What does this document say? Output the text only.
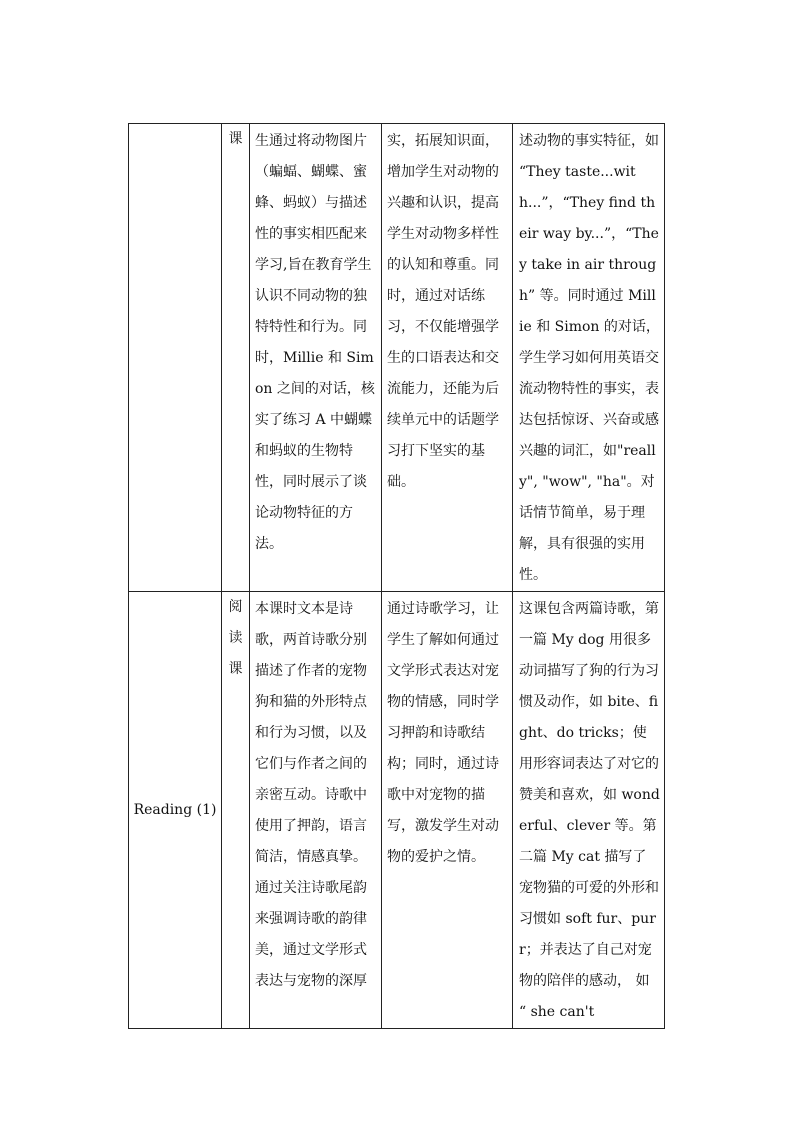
	课	生通过将动物图片（蝙蝠、蝴蝶、蜜蜂、蚂蚁）与描述性的事实相匹配来学习,旨在教育学生认识不同动物的独特特性和行为。同时，Millie 和 Simon 之间的对话，核实了练习 A 中蝴蝶和蚂蚁的生物特性，同时展示了谈论动物特征的方法。	实，拓展知识面，增加学生对动物的兴趣和认识，提高学生对动物多样性的认知和尊重。同时，通过对话练习，不仅能增强学生的口语表达和交流能力，还能为后续单元中的话题学习打下坚实的基础。	述动物的事实特征，如 “They taste...with...”，“They find their way by...”，“They take in air through” 等。同时通过 Millie 和 Simon 的对话，学生学习如何用英语交流动物特性的事实，表达包括惊讶、兴奋或感兴趣的词汇，如"really", "wow", "ha"。对话情节简单，易于理解，具有很强的实用性。

Reading (1)	阅
读
课	本课时文本是诗歌，两首诗歌分别描述了作者的宠物狗和猫的外形特点和行为习惯，以及它们与作者之间的亲密互动。诗歌中使用了押韵，语言简洁，情感真挚。通过关注诗歌尾韵来强调诗歌的韵律美，通过文学形式表达与宠物的深厚	通过诗歌学习，让学生了解如何通过文学形式表达对宠物的情感，同时学习押韵和诗歌结构；同时，通过诗歌中对宠物的描写，激发学生对动物的爱护之情。	这课包含两篇诗歌，第一篇 My dog 用很多动词描写了狗的行为习惯及动作，如 bite、fight、do tricks；使用形容词表达了对它的赞美和喜欢，如 wonderful、clever 等。第二篇 My cat 描写了宠物猫的可爱的外形和习惯如 soft fur、purr；并表达了自己对宠物的陪伴的感动， 如 “ she can't
